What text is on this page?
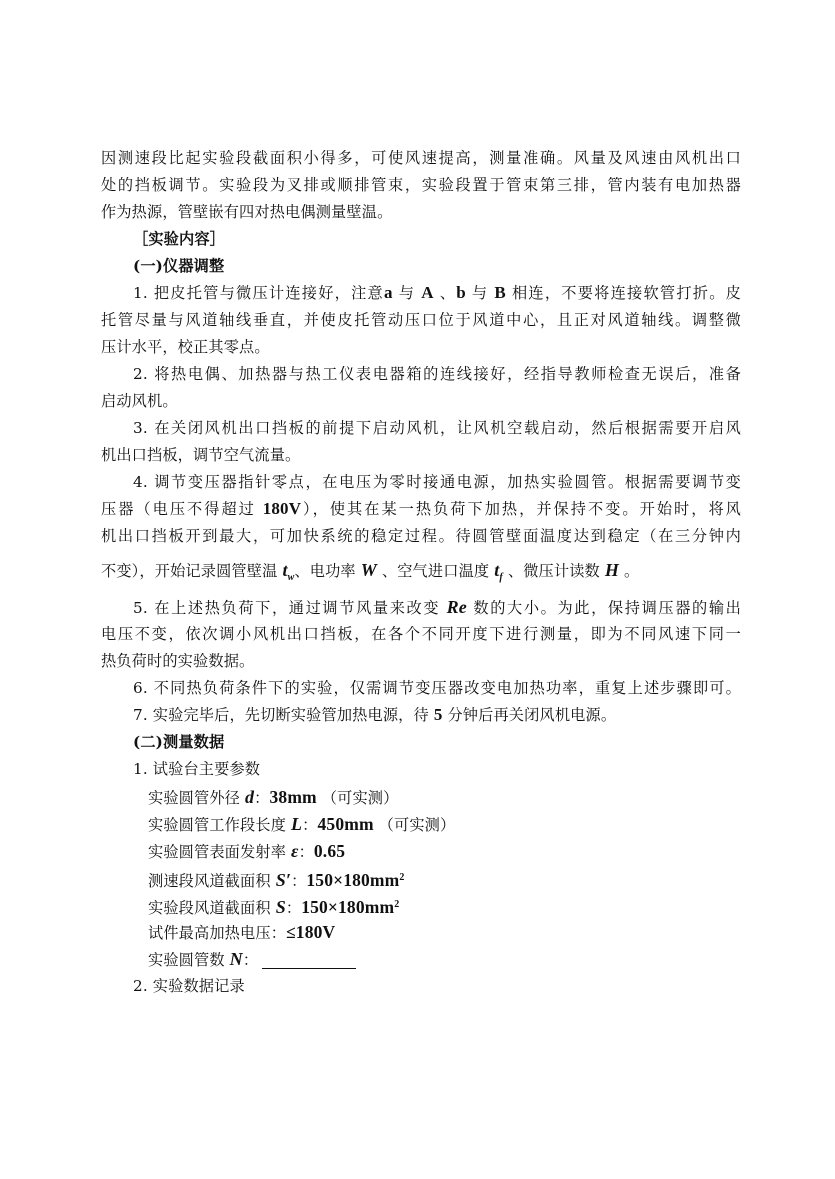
因测速段比起实验段截面积小得多，可使风速提高，测量准确。风量及风速由风机出口

处的挡板调节。实验段为叉排或顺排管束，实验段置于管束第三排，管内装有电加热器

作为热源，管壁嵌有四对热电偶测量壁温。

［实验内容］

(一)仪器调整

1. 把皮托管与微压计连接好，注意a 与 A 、b 与 B 相连，不要将连接软管打折。皮

托管尽量与风道轴线垂直，并使皮托管动压口位于风道中心，且正对风道轴线。调整微

压计水平，校正其零点。

2. 将热电偶、加热器与热工仪表电器箱的连线接好，经指导教师检查无误后，准备

启动风机。

3. 在关闭风机出口挡板的前提下启动风机，让风机空载启动，然后根据需要开启风

机出口挡板，调节空气流量。

4. 调节变压器指针零点，在电压为零时接通电源，加热实验圆管。根据需要调节变

压器（电压不得超过 180V），使其在某一热负荷下加热，并保持不变。开始时，将风

机出口挡板开到最大，可加快系统的稳定过程。待圆管壁面温度达到稳定（在三分钟内

不变），开始记录圆管壁温 $t_w$、电功率 W 、空气进口温度 $t_f$ 、微压计读数 H 。

5. 在上述热负荷下，通过调节风量来改变 Re 数的大小。为此，保持调压器的输出

电压不变，依次调小风机出口挡板，在各个不同开度下进行测量，即为不同风速下同一

热负荷时的实验数据。

6. 不同热负荷条件下的实验，仅需调节变压器改变电加热功率，重复上述步骤即可。

7. 实验完毕后，先切断实验管加热电源，待 5 分钟后再关闭风机电源。

(二)测量数据

1. 试验台主要参数

实验圆管外径 d：38mm （可实测）

实验圆管工作段长度 L：450mm （可实测）

实验圆管表面发射率 ε：0.65

测速段风道截面积 S′：$150\times 180mm^2$

实验段风道截面积 S：$150\times 180mm^2$

试件最高加热电压：≤180V

实验圆管数 N：

2. 实验数据记录
